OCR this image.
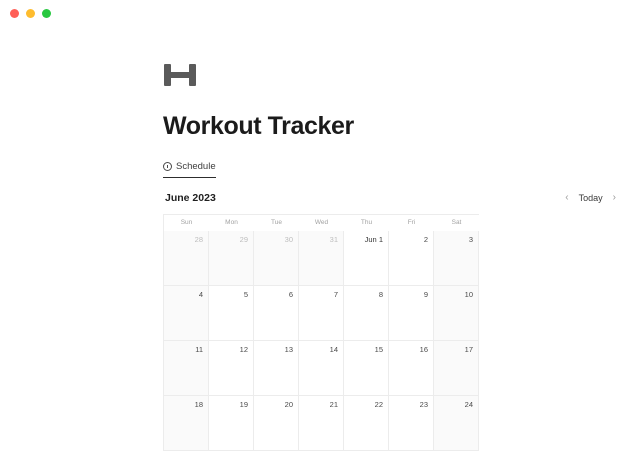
Workout Tracker
Schedule
June 2023	‹ Today ›
Sun	Mon	Tue	Wed	Thu	Fri	Sat
28	29	30	31	Jun 1	2	3
4	5	6	7	8	9	10
11	12	13	14	15	16	17
18	19	20	21	22	23	24
